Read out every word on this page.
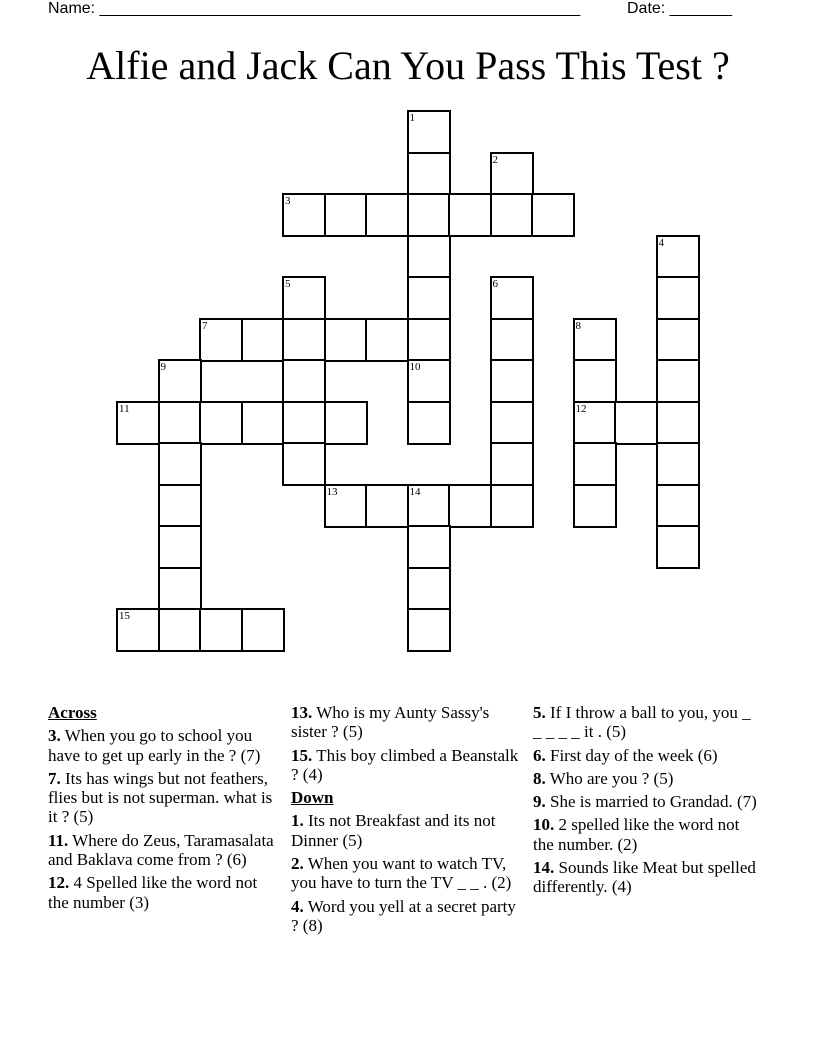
Name: ______________________________________________________	Date: _______
Alfie and Jack Can You Pass This Test ?
1
2
3
4
5	6
7	8
9	10
11	12
13	14
15
Across
3. When you go to school you have to get up early in the ? (7)
7. Its has wings but not feathers, flies but is not superman. what is it ? (5)
11. Where do Zeus, Taramasalata and Baklava come from ? (6)
12. 4 Spelled like the word not the number (3)
13. Who is my Aunty Sassy's sister ? (5)
15. This boy climbed a Beanstalk ? (4)
Down
1. Its not Breakfast and its not Dinner (5)
2. When you want to watch TV, you have to turn the TV _ _ . (2)
4. Word you yell at a secret party ? (8)
5. If I throw a ball to you, you _ _ _ _ _ it . (5)
6. First day of the week (6)
8. Who are you ? (5)
9. She is married to Grandad. (7)
10. 2 spelled like the word not the number. (2)
14. Sounds like Meat but spelled differently. (4)
